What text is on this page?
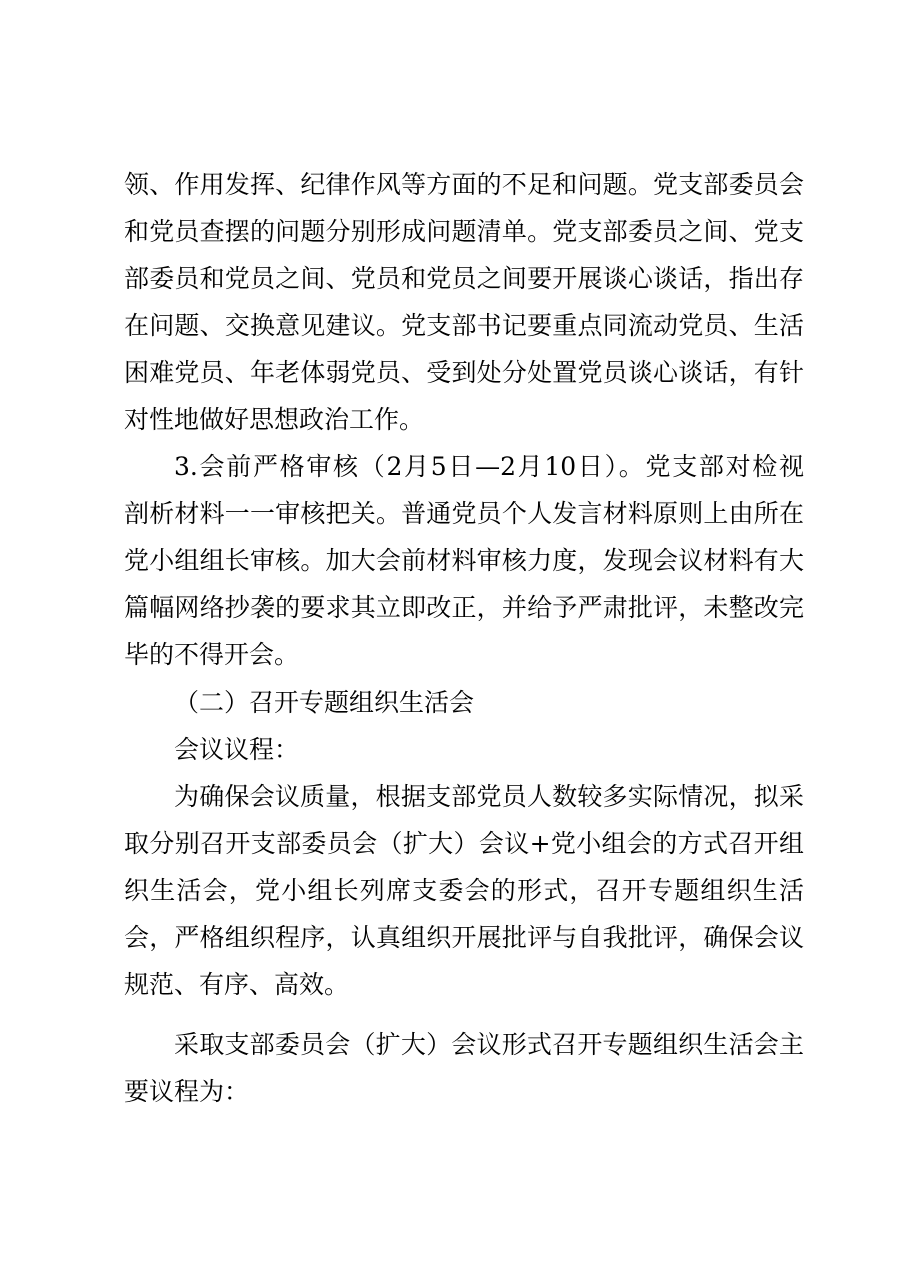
领、作用发挥、纪律作风等方面的不足和问题。党支部委员会
和党员查摆的问题分别形成问题清单。党支部委员之间、党支
部委员和党员之间、党员和党员之间要开展谈心谈话，指出存
在问题、交换意见建议。党支部书记要重点同流动党员、生活
困难党员、年老体弱党员、受到处分处置党员谈心谈话，有针
对性地做好思想政治工作。
3.会前严格审核（2月5日—2月10日）。党支部对检视
剖析材料一一审核把关。普通党员个人发言材料原则上由所在
党小组组长审核。加大会前材料审核力度，发现会议材料有大
篇幅网络抄袭的要求其立即改正，并给予严肃批评，未整改完
毕的不得开会。
（二）召开专题组织生活会
会议议程：
为确保会议质量，根据支部党员人数较多实际情况，拟采
取分别召开支部委员会（扩大）会议+党小组会的方式召开组
织生活会，党小组长列席支委会的形式，召开专题组织生活
会，严格组织程序，认真组织开展批评与自我批评，确保会议
规范、有序、高效。
采取支部委员会（扩大）会议形式召开专题组织生活会主
要议程为：
